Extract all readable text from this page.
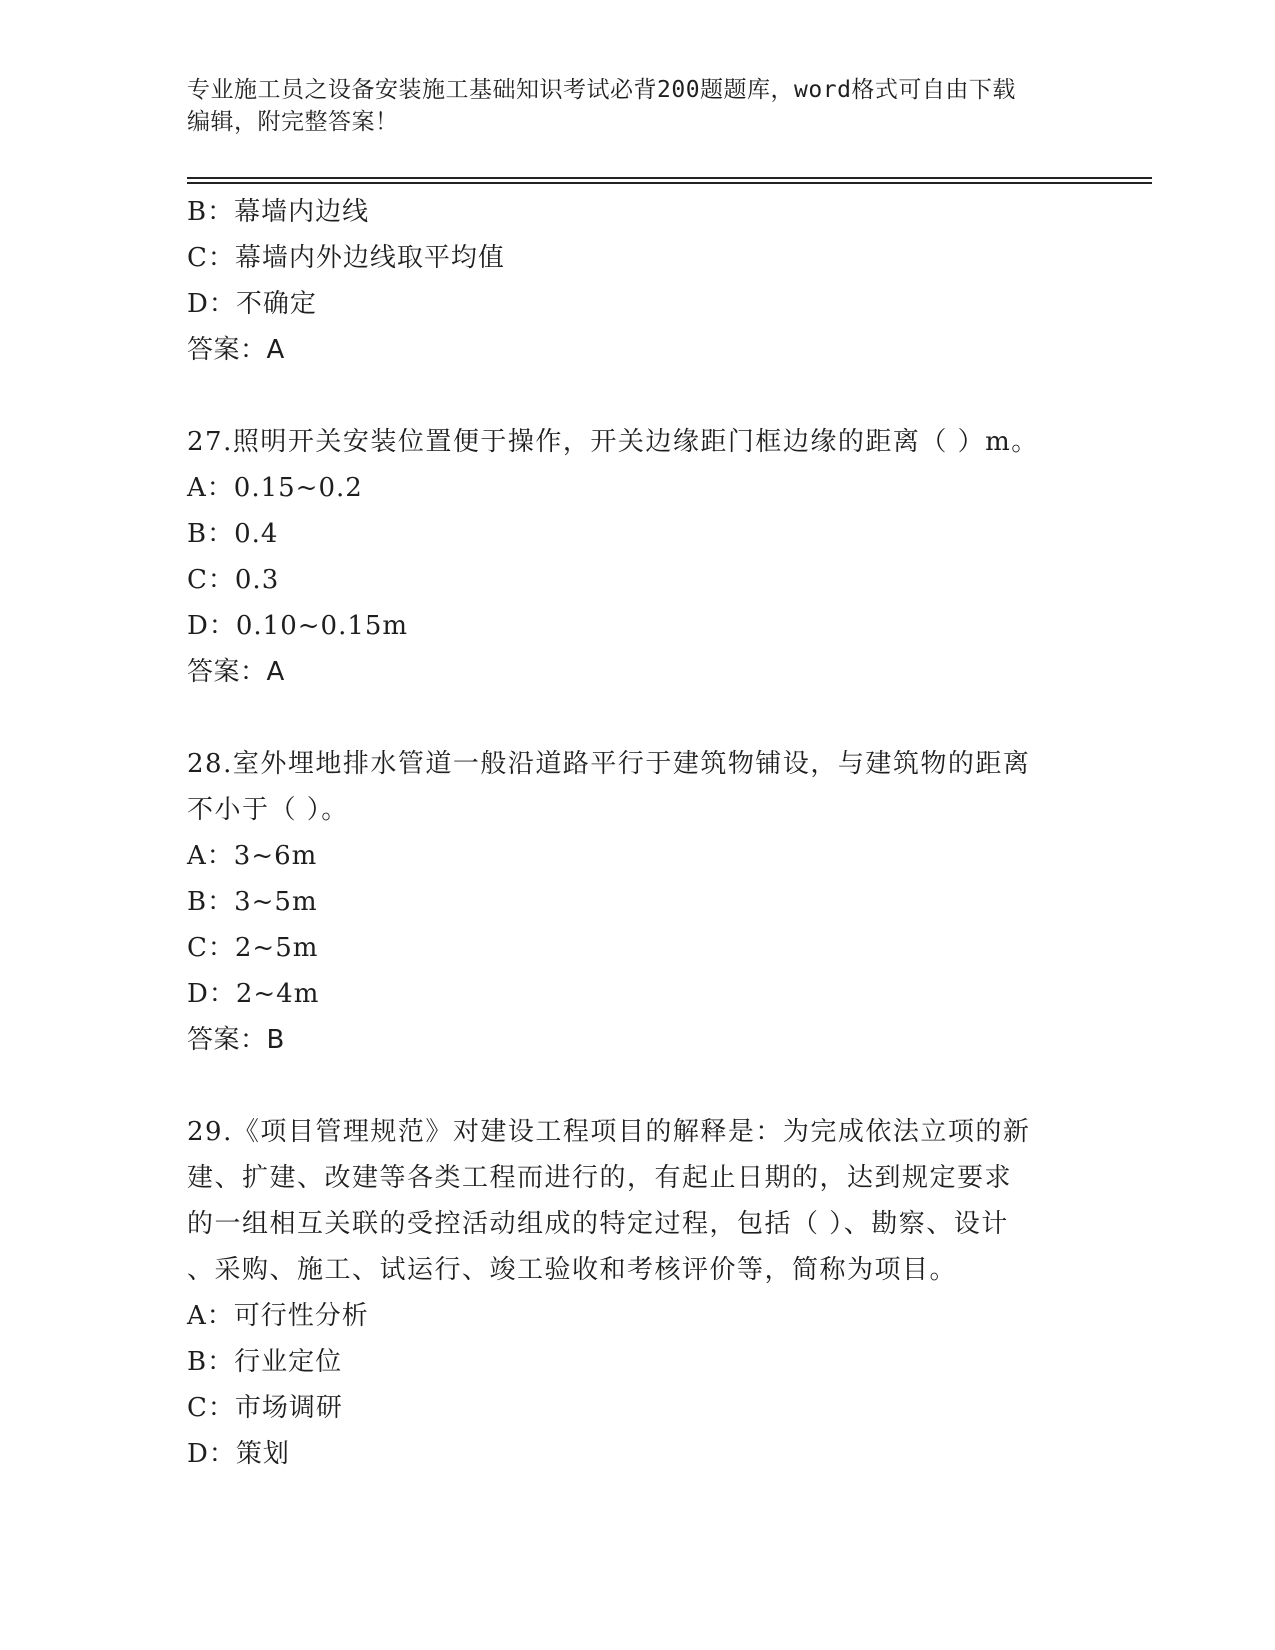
专业施工员之设备安装施工基础知识考试必背200题题库，word格式可自由下载
编辑，附完整答案！
B：幕墙内边线
C：幕墙内外边线取平均值
D：不确定
答案：A
27.照明开关安装位置便于操作，开关边缘距门框边缘的距离（ ）m。
A：0.15~0.2
B：0.4
C：0.3
D：0.10~0.15m
答案：A
28.室外埋地排水管道一般沿道路平行于建筑物铺设，与建筑物的距离
不小于（ ）。
A：3~6m
B：3~5m
C：2~5m
D：2~4m
答案：B
29.《项目管理规范》对建设工程项目的解释是：为完成依法立项的新
建、扩建、改建等各类工程而进行的，有起止日期的，达到规定要求
的一组相互关联的受控活动组成的特定过程，包括（ ）、勘察、设计
、采购、施工、试运行、竣工验收和考核评价等，简称为项目。
A：可行性分析
B：行业定位
C：市场调研
D：策划
